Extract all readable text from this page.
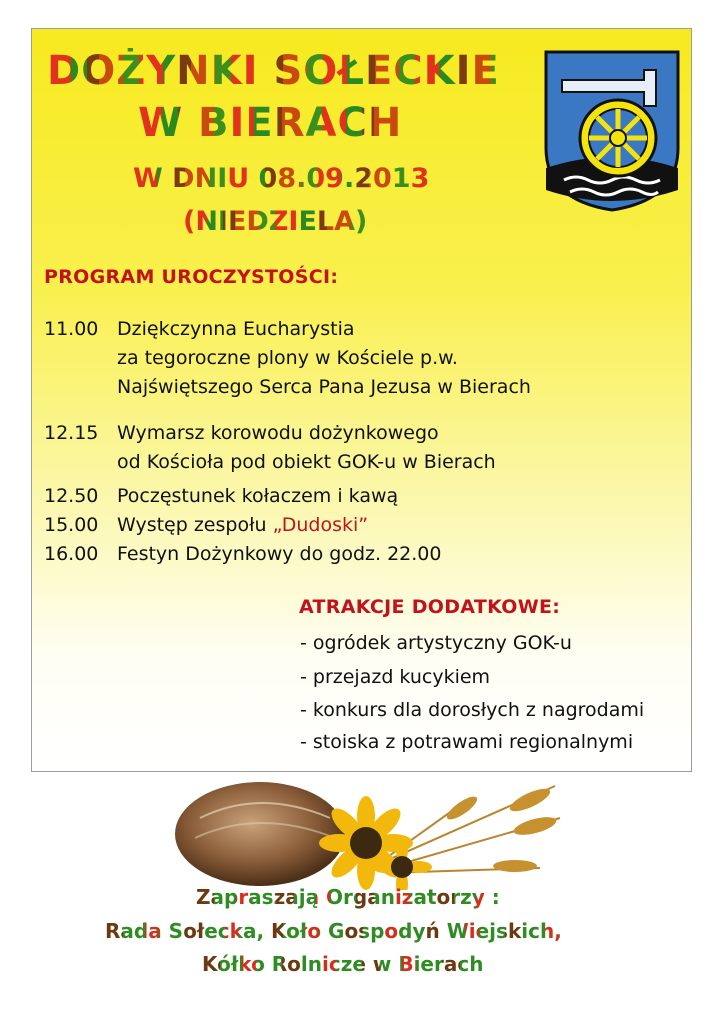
DOŻYNKI SOŁECKIE
W BIERACH
W DNIU 08.09.2013
(NIEDZIELA)
PROGRAM UROCZYSTOŚCI:
11.00 Dziękczynna Eucharystia
za tegoroczne plony w Kościele p.w.
Najświętszego Serca Pana Jezusa w Bierach
12.15 Wymarsz korowodu dożynkowego
od Kościoła pod obiekt GOK-u w Bierach
12.50 Poczęstunek kołaczem i kawą
15.00 Występ zespołu „Dudoski”
16.00 Festyn Dożynkowy do godz. 22.00
ATRAKCJE DODATKOWE:
- ogródek artystyczny GOK-u
- przejazd kucykiem
- konkurs dla dorosłych z nagrodami
- stoiska z potrawami regionalnymi
Zapraszają Organizatorzy :
Rada Sołecka, Koło Gospodyń Wiejskich,
Kółko Rolnicze w Bierach
